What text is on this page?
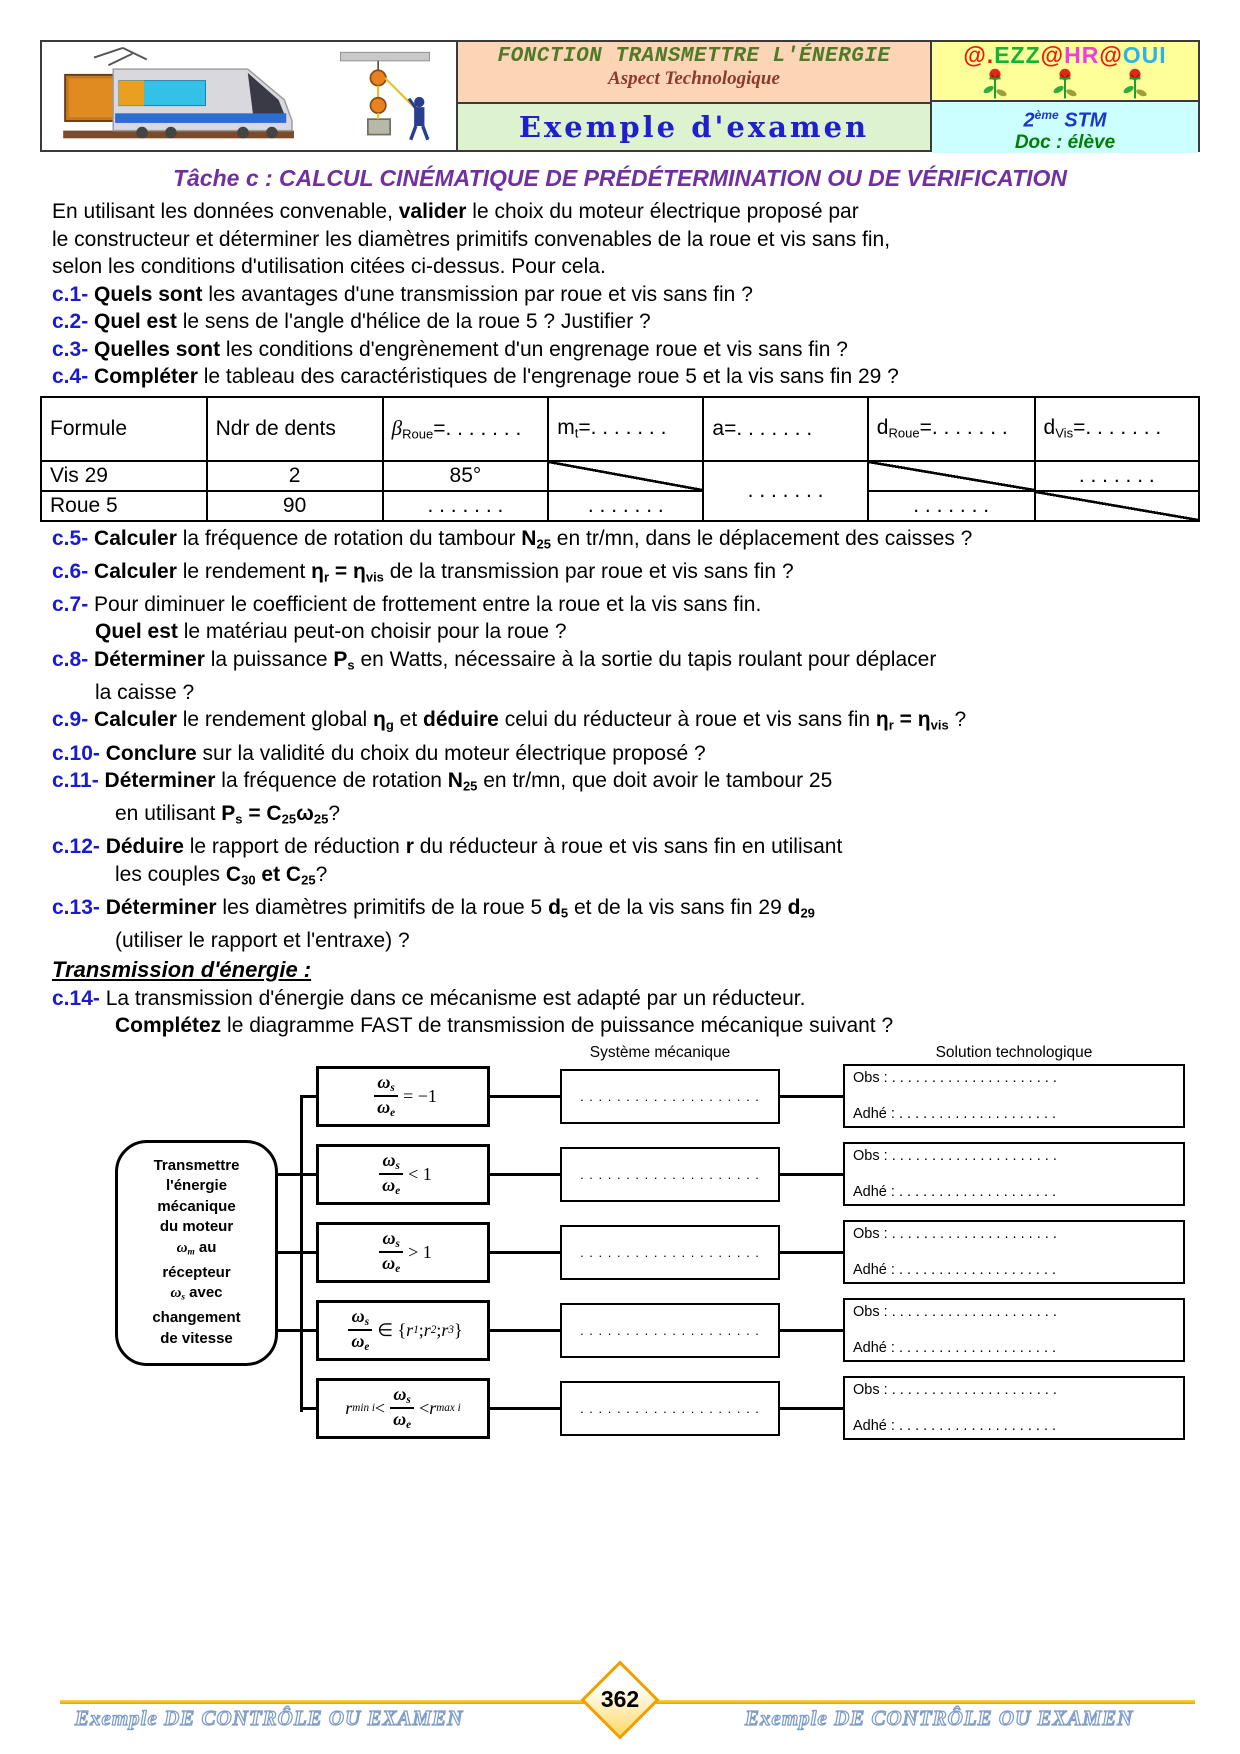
FONCTION TRANSMETTRE L'ÉNERGIE
Aspect Technologique
Exemple d'examen
@.EZZ@HR@OUI
2ème STM
Doc : élève
Tâche c : CALCUL CINÉMATIQUE DE PRÉDÉTERMINATION OU DE VÉRIFICATION
En utilisant les données convenable, valider le choix du moteur électrique proposé par
le constructeur et déterminer les diamètres primitifs convenables de la roue et vis sans fin,
selon les conditions d'utilisation citées ci-dessus. Pour cela.
c.1- Quels sont les avantages d'une transmission par roue et vis sans fin ?
c.2- Quel est le sens de l'angle d'hélice de la roue 5 ? Justifier ?
c.3- Quelles sont les conditions d'engrènement d'un engrenage roue et vis sans fin ?
c.4- Compléter le tableau des caractéristiques de l'engrenage roue 5 et la vis sans fin 29 ?
Formule	Ndr de dents	βRoue=. . . . . . .	mt=. . . . . . .	a=. . . . . . .	dRoue=. . . . . . .	dVis=. . . . . . .
Vis 29	2	85°		. . . . . . .		. . . . . . .
Roue 5	90	. . . . . . .	. . . . . . .		. . . . . . .	
c.5- Calculer la fréquence de rotation du tambour N25 en tr/mn, dans le déplacement des caisses ?
c.6- Calculer le rendement ηr = ηvis de la transmission par roue et vis sans fin ?
c.7- Pour diminuer le coefficient de frottement entre la roue et la vis sans fin.
Quel est le matériau peut-on choisir pour la roue ?
c.8- Déterminer la puissance Ps en Watts, nécessaire à la sortie du tapis roulant pour déplacer
la caisse ?
c.9- Calculer le rendement global ηg et déduire celui du réducteur à roue et vis sans fin ηr = ηvis ?
c.10- Conclure sur la validité du choix du moteur électrique proposé ?
c.11- Déterminer la fréquence de rotation N25 en tr/mn, que doit avoir le tambour 25
en utilisant Ps = C25ω25?
c.12- Déduire le rapport de réduction r du réducteur à roue et vis sans fin en utilisant
les couples C30 et C25?
c.13- Déterminer les diamètres primitifs de la roue 5 d5 et de la vis sans fin 29 d29
(utiliser le rapport et l'entraxe) ?
Transmission d'énergie :
c.14- La transmission d'énergie dans ce mécanisme est adapté par un réducteur.
Complétez le diagramme FAST de transmission de puissance mécanique suivant ?
Système mécanique	Solution technologique
Transmettre
l'énergie
mécanique
du moteur
ωm au
récepteur
ωs avec
changement
de vitesse
$\frac{\omega s}{\omega e} = -1$	. . . . . . . . . . . . . . . . . . . .
Obs : . . . . . . . . . . . . . . . . . . . . .
Adhé : . . . . . . . . . . . . . . . . . . . .
$\frac{\omega s}{\omega e} < 1$	. . . . . . . . . . . . . . . . . . . .
Obs : . . . . . . . . . . . . . . . . . . . . .
Adhé : . . . . . . . . . . . . . . . . . . . .
$\frac{\omega s}{\omega e} > 1$	. . . . . . . . . . . . . . . . . . . .
Obs : . . . . . . . . . . . . . . . . . . . . .
Adhé : . . . . . . . . . . . . . . . . . . . .
$\frac{\omega s}{\omega e}$ ∈ { r 1 ; r 2 ; r 3 }	. . . . . . . . . . . . . . . . . . . .
Obs : . . . . . . . . . . . . . . . . . . . . .
Adhé : . . . . . . . . . . . . . . . . . . . .
r $\min i < \frac{\omega s}{\omega e} < r$ max i	. . . . . . . . . . . . . . . . . . . .
Obs : . . . . . . . . . . . . . . . . . . . . .
Adhé : . . . . . . . . . . . . . . . . . . . .
362
Exemple DE CONTRÔLE OU EXAMEN	Exemple DE CONTRÔLE OU EXAMEN
